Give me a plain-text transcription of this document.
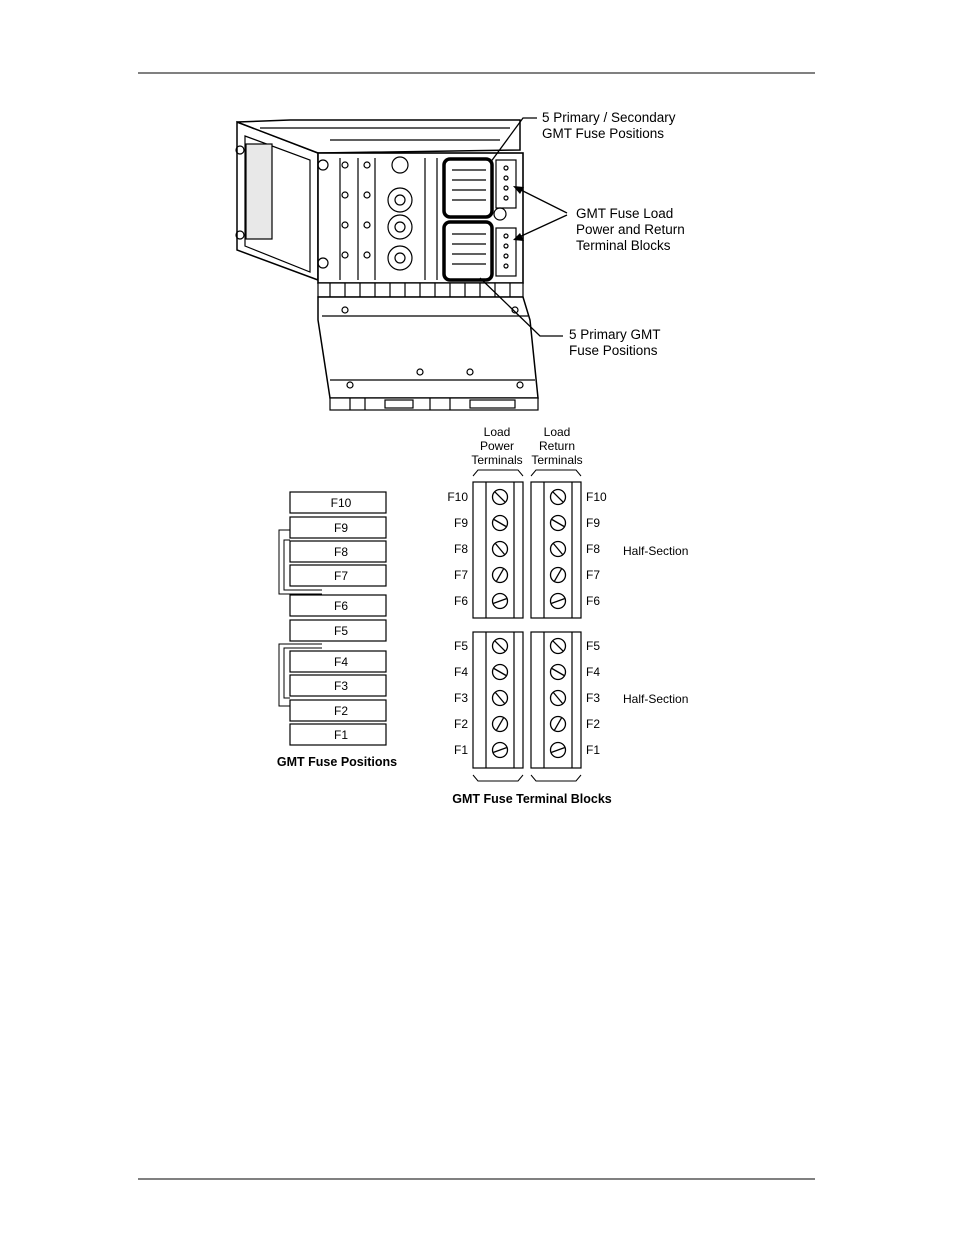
5 Primary / Secondary
GMT Fuse Positions
GMT Fuse Load
Power and Return
Terminal Blocks
5 Primary GMT
Fuse Positions
F10
F9
F8
F7
F6
F5
F4
F3
F2
F1
GMT Fuse Positions
Load
Power
Terminals
Load
Return
Terminals
F10	F10
F9	F9
F8	F8
F7	F7
F6	F6
F5	F5
F4	F4
F3	F3
F2	F2
F1	F1
Half-Section
Half-Section
GMT Fuse Terminal Blocks
